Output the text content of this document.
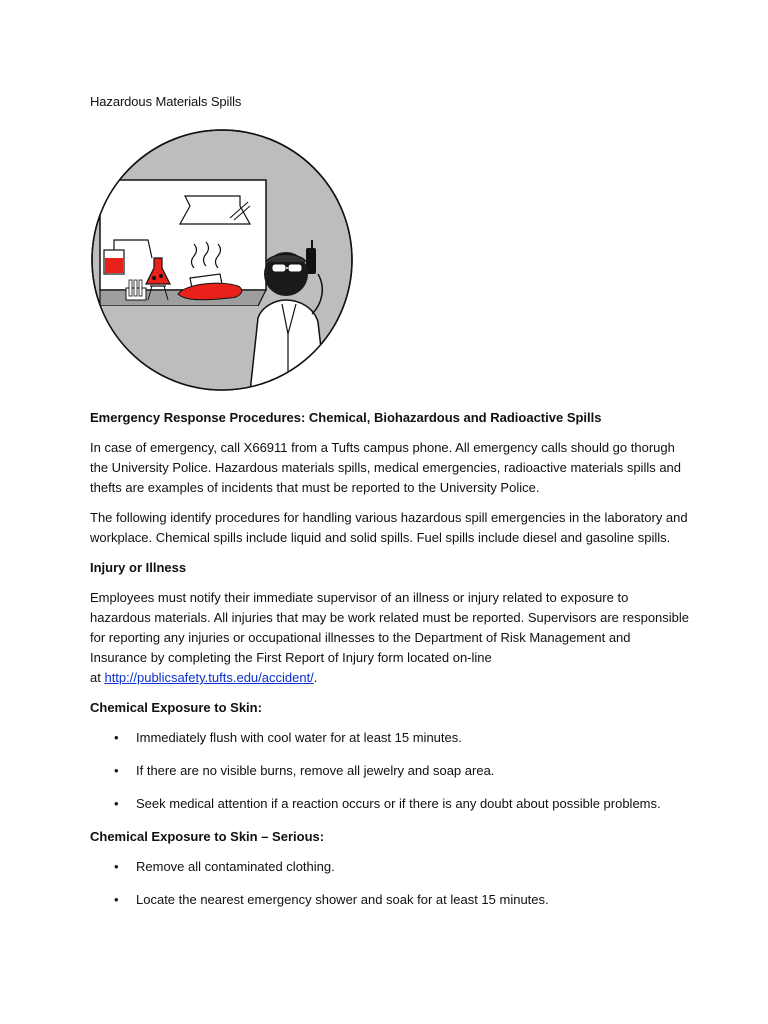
Hazardous Materials Spills

Emergency Response Procedures: Chemical, Biohazardous and Radioactive Spills

In case of emergency, call X66911 from a Tufts campus phone. All emergency calls should go thorugh the University Police. Hazardous materials spills, medical emergencies, radioactive materials spills and thefts are examples of incidents that must be reported to the University Police.

The following identify procedures for handling various hazardous spill emergencies in the laboratory and workplace. Chemical spills include liquid and solid spills. Fuel spills include diesel and gasoline spills.

Injury or Illness

Employees must notify their immediate supervisor of an illness or injury related to exposure to hazardous materials. All injuries that may be work related must be reported. Supervisors are responsible for reporting any injuries or occupational illnesses to the Department of Risk Management and Insurance by completing the First Report of Injury form located on-line
at http://publicsafety.tufts.edu/accident/.

Chemical Exposure to Skin:

• Immediately flush with cool water for at least 15 minutes.
• If there are no visible burns, remove all jewelry and soap area.
• Seek medical attention if a reaction occurs or if there is any doubt about possible problems.

Chemical Exposure to Skin – Serious:

• Remove all contaminated clothing.
• Locate the nearest emergency shower and soak for at least 15 minutes.
